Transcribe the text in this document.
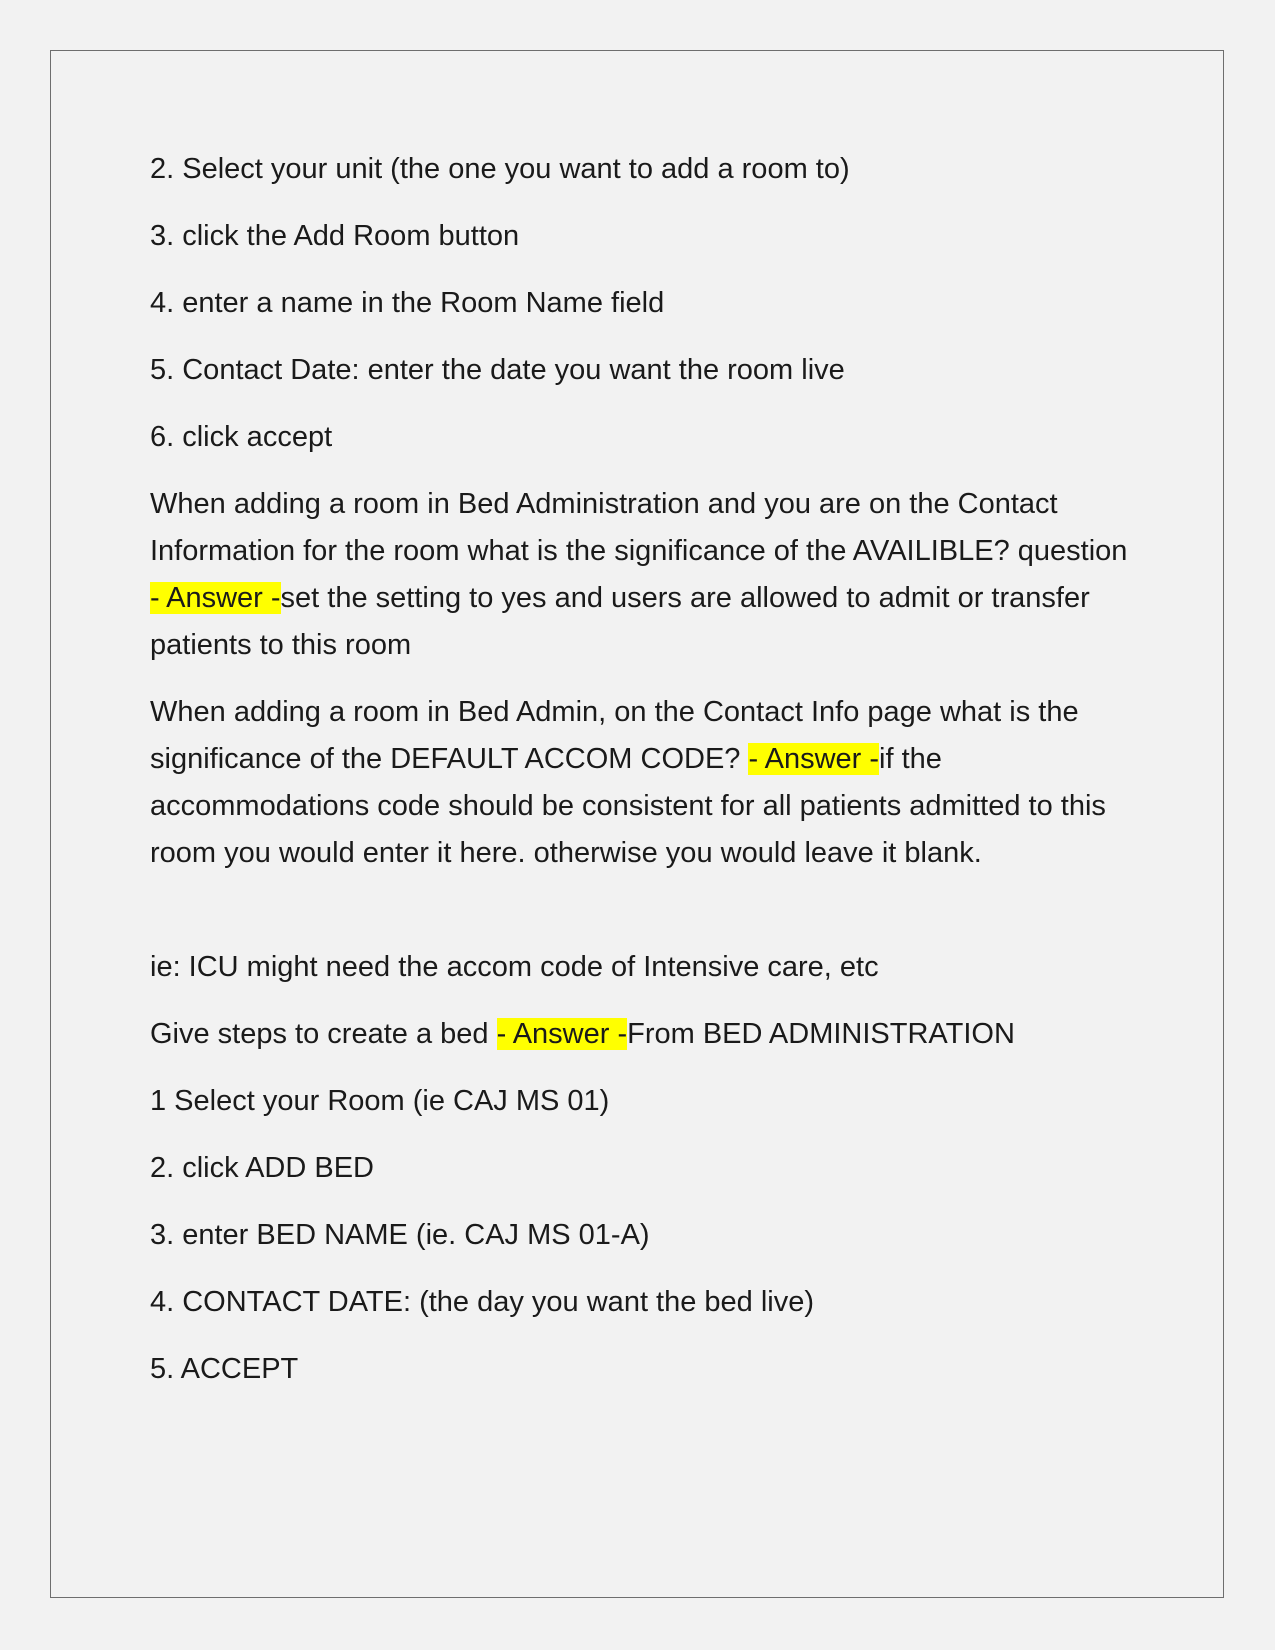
2. Select your unit (the one you want to add a room to)

3. click the Add Room button

4. enter a name in the Room Name field

5. Contact Date: enter the date you want the room live

6. click accept

When adding a room in Bed Administration and you are on the Contact Information for the room what is the significance of the AVAILIBLE? question - Answer -set the setting to yes and users are allowed to admit or transfer patients to this room

When adding a room in Bed Admin, on the Contact Info page what is the significance of the DEFAULT ACCOM CODE? - Answer -if the accommodations code should be consistent for all patients admitted to this room you would enter it here. otherwise you would leave it blank.

ie: ICU might need the accom code of Intensive care, etc

Give steps to create a bed - Answer -From BED ADMINISTRATION

1 Select your Room (ie CAJ MS 01)

2. click ADD BED

3. enter BED NAME (ie. CAJ MS 01-A)

4. CONTACT DATE: (the day you want the bed live)

5. ACCEPT
